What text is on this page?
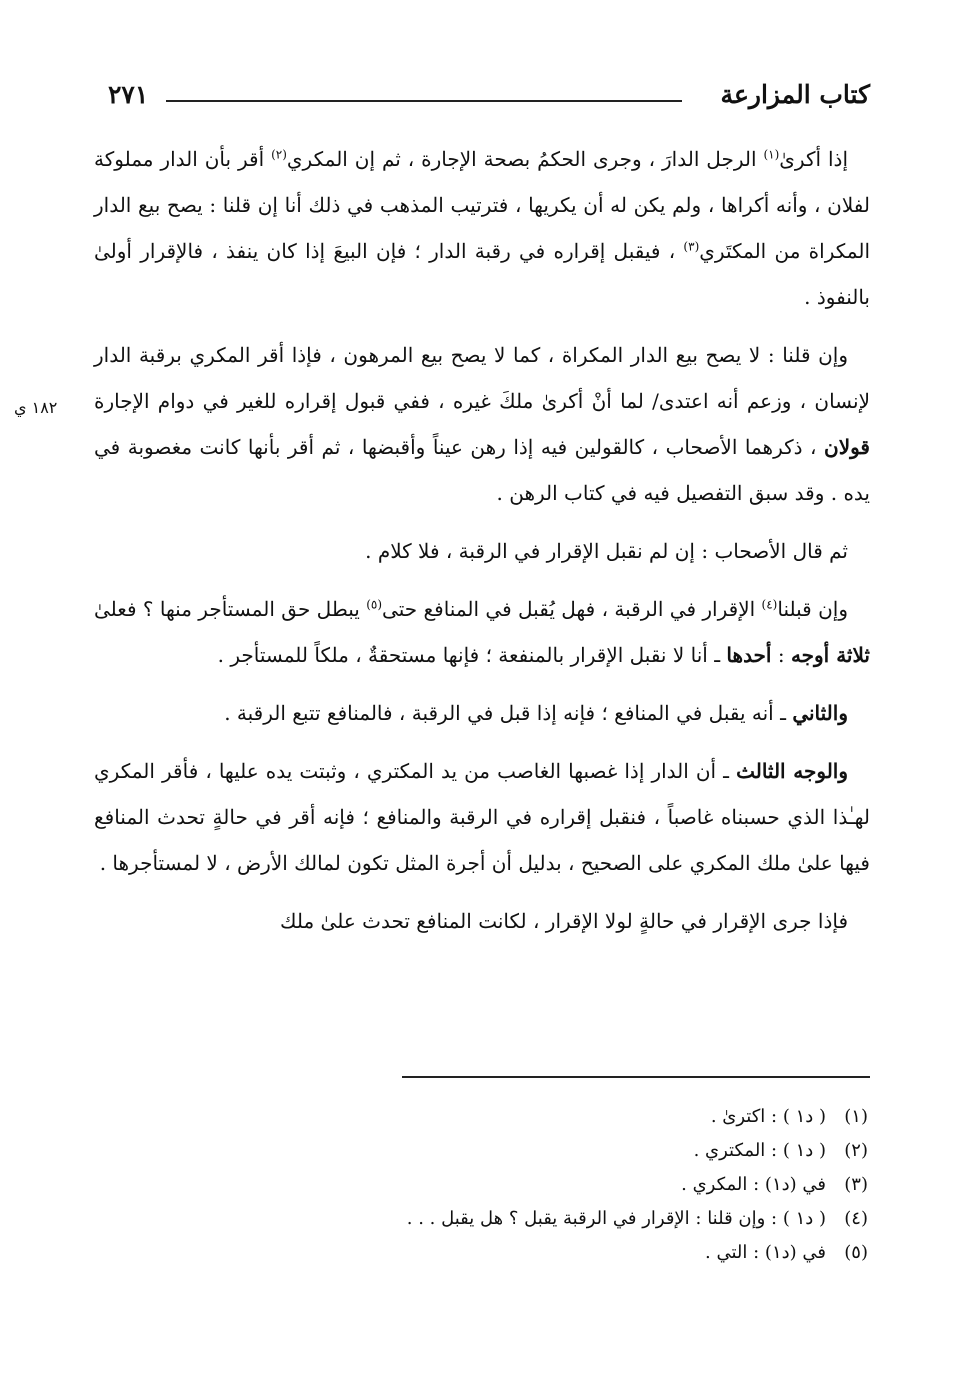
كتاب المزارعة
٢٧١
١٨٢ ي

إذا أكرىٰ$^{(١)}$ الرجل الدارَ ، وجرى الحكمُ بصحة الإجارة ، ثم إن المكري$^{(٢)}$ أقر بأن الدار مملوكة لفلان ، وأنه أكراها ، ولم يكن له أن يكريها ، فترتيب المذهب في ذلك أنا إن قلنا : يصح بيع الدار المكراة من المكتَري$^{(٣)}$ ، فيقبل إقراره في رقبة الدار ؛ فإن البيعَ إذا كان ينفذ ، فالإقرار أولىٰ بالنفوذ .

وإن قلنا : لا يصح بيع الدار المكراة ، كما لا يصح بيع المرهون ، فإذا أقر المكري برقبة الدار لإنسان ، وزعم أنه اعتدى/ لما أنْ أكرىٰ ملكَ غيره ، ففي قبول إقراره للغير في دوام الإجارة قولان ، ذكرهما الأصحاب ، كالقولين فيه إذا رهن عيناً وأقبضها ، ثم أقر بأنها كانت مغصوبة في يده . وقد سبق التفصيل فيه في كتاب الرهن .

ثم قال الأصحاب : إن لم نقبل الإقرار في الرقبة ، فلا كلام .

وإن قبلنا$^{(٤)}$ الإقرار في الرقبة ، فهل يُقبل في المنافع حتى$^{(٥)}$ يبطل حق المستأجر منها ؟ فعلىٰ ثلاثة أوجه : أحدها ـ أنا لا نقبل الإقرار بالمنفعة ؛ فإنها مستحقةٌ ، ملكاً للمستأجر .

والثاني ـ أنه يقبل في المنافع ؛ فإنه إذا قبل في الرقبة ، فالمنافع تتبع الرقبة .

والوجه الثالث ـ أن الدار إذا غصبها الغاصب من يد المكتري ، وثبتت يده عليها ، فأقر المكري لهـٰذا الذي حسبناه غاصباً ، فنقبل إقراره في الرقبة والمنافع ؛ فإنه أقر في حالةٍ تحدث المنافع فيها علىٰ ملك المكري على الصحيح ، بدليل أن أجرة المثل تكون لمالك الأرض ، لا لمستأجرها .

فإذا جرى الإقرار في حالةٍ لولا الإقرار ، لكانت المنافع تحدث علىٰ ملك

(١)
( د١ ) : اكترىٰ .
(٢)
( د١ ) : المكتري .
(٣)
في (د١) : المكري .
(٤)
( د١ ) : وإن قلنا : الإقرار في الرقبة يقبل ؟ هل يقبل . . .
(٥)
في (د١) : التي .
